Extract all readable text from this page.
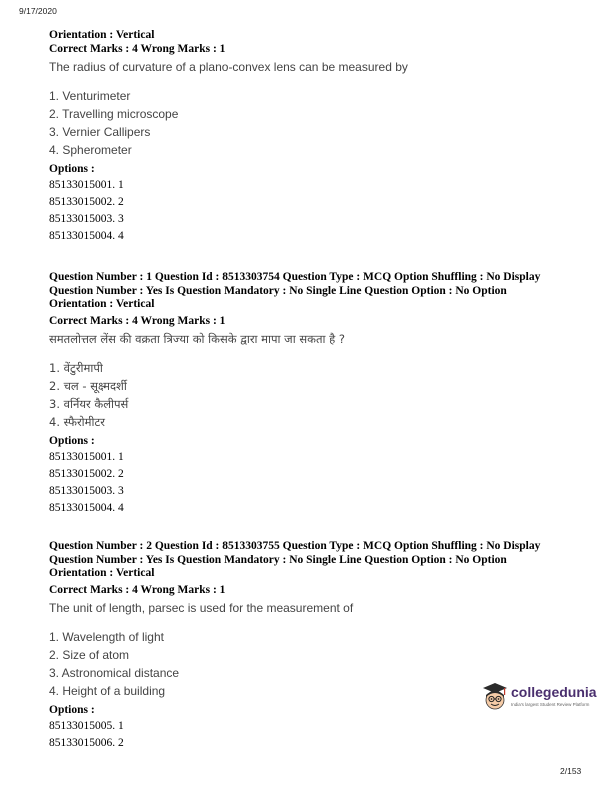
9/17/2020
Orientation : Vertical
Correct Marks : 4 Wrong Marks : 1
The radius of curvature of a plano-convex lens can be measured by
1. Venturimeter
2. Travelling microscope
3. Vernier Callipers
4. Spherometer
Options :
85133015001. 1
85133015002. 2
85133015003. 3
85133015004. 4
Question Number : 1 Question Id : 8513303754 Question Type : MCQ Option Shuffling : No Display
Question Number : Yes Is Question Mandatory : No Single Line Question Option : No Option
Orientation : Vertical
Correct Marks : 4 Wrong Marks : 1
समतलोत्तल लेंस की वक्रता त्रिज्या को किसके द्वारा मापा जा सकता है ?
1. वेंटुरीमापी
2. चल - सूक्ष्मदर्शी
3. वर्नियर कैलीपर्स
4. स्फैरोमीटर
Options :
85133015001. 1
85133015002. 2
85133015003. 3
85133015004. 4
Question Number : 2 Question Id : 8513303755 Question Type : MCQ Option Shuffling : No Display
Question Number : Yes Is Question Mandatory : No Single Line Question Option : No Option
Orientation : Vertical
Correct Marks : 4 Wrong Marks : 1
The unit of length, parsec is used for the measurement of
1. Wavelength of light
2. Size of atom
3. Astronomical distance
4. Height of a building
Options :
85133015005. 1
85133015006. 2
collegedunia
India's largest Student Review Platform
2/153
